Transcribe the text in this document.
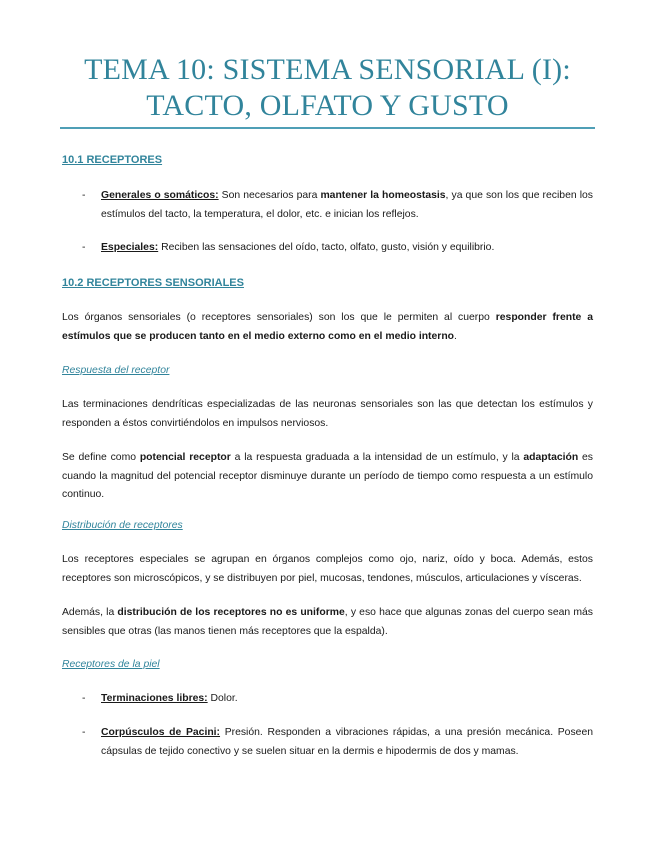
TEMA 10: SISTEMA SENSORIAL (I):
TACTO, OLFATO Y GUSTO
10.1 RECEPTORES
- Generales o somáticos: Son necesarios para mantener la homeostasis, ya que son los que reciben los estímulos del tacto, la temperatura, el dolor, etc. e inician los reflejos.
- Especiales: Reciben las sensaciones del oído, tacto, olfato, gusto, visión y equilibrio.
10.2 RECEPTORES SENSORIALES
Los órganos sensoriales (o receptores sensoriales) son los que le permiten al cuerpo responder frente a estímulos que se producen tanto en el medio externo como en el medio interno.
Respuesta del receptor
Las terminaciones dendríticas especializadas de las neuronas sensoriales son las que detectan los estímulos y responden a éstos convirtiéndolos en impulsos nerviosos.
Se define como potencial receptor a la respuesta graduada a la intensidad de un estímulo, y la adaptación es cuando la magnitud del potencial receptor disminuye durante un período de tiempo como respuesta a un estímulo continuo.
Distribución de receptores
Los receptores especiales se agrupan en órganos complejos como ojo, nariz, oído y boca. Además, estos receptores son microscópicos, y se distribuyen por piel, mucosas, tendones, músculos, articulaciones y vísceras.
Además, la distribución de los receptores no es uniforme, y eso hace que algunas zonas del cuerpo sean más sensibles que otras (las manos tienen más receptores que la espalda).
Receptores de la piel
- Terminaciones libres: Dolor.
- Corpúsculos de Pacini: Presión. Responden a vibraciones rápidas, a una presión mecánica. Poseen cápsulas de tejido conectivo y se suelen situar en la dermis e hipodermis de dos y mamas.
